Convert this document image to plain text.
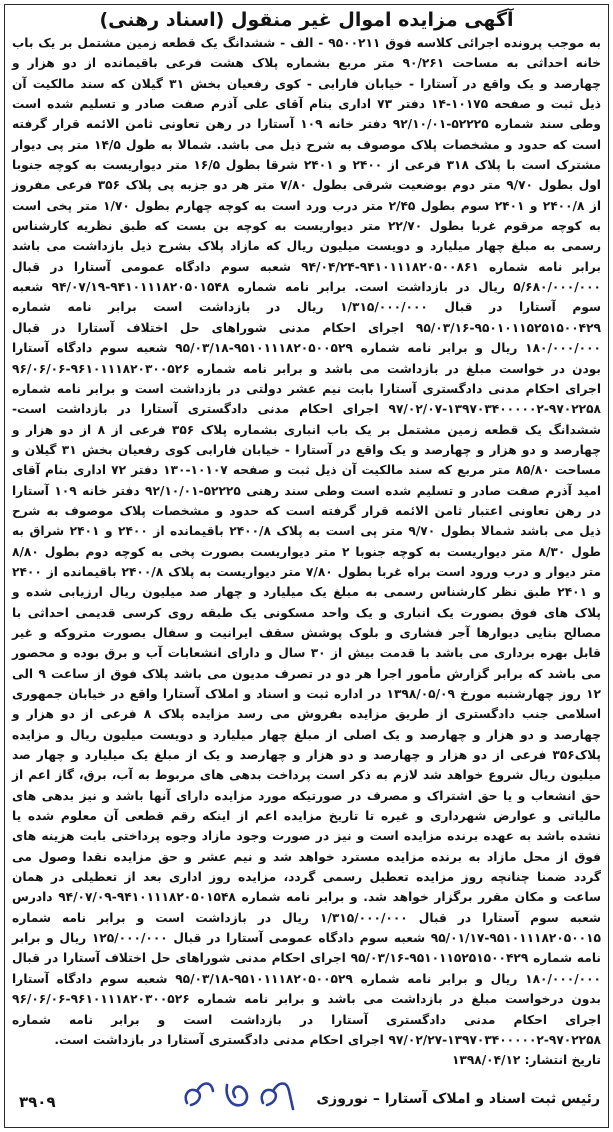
آگهی مزایده اموال غیر منقول (اسناد رهنی)
به موجب پرونده اجرائی کلاسه فوق ۹۵۰۰۲۱۱ - الف - ششدانگ یک قطعه زمین مشتمل بر یک باب خانه احداثی به مساحت ۹۰/۲۶۱ متر مربع بشماره پلاک هشت فرعی باقیمانده از دو هزار و چهارصد و یک واقع در آستارا - خیابان فارابی - کوی رفعیان بخش ۳۱ گیلان که سند مالکیت آن ذیل ثبت و صفحه ۱۰۱۷۵-۱۴ دفتر ۷۳ اداری بنام آقای علی آذرم صفت صادر و تسلیم شده است وطی سند شماره ۵۲۲۲۵-۹۲/۱۰/۰۱ دفتر خانه ۱۰۹ آستارا در رهن تعاونی ثامن الائمه قرار گرفته است که حدود و مشخصات پلاک موصوف به شرح ذیل می باشد. شمالا به طول ۱۴/۵ متر پی دیوار مشترک است با پلاک ۳۱۸ فرعی از ۲۴۰۰ و ۲۴۰۱ شرقا بطول ۱۶/۵ متر دیواریست به کوچه جنوبا اول بطول ۹/۷۰ متر دوم بوضعیت شرقی بطول ۷/۸۰ متر هر دو جزبه پی پلاک ۳۵۶ فرعی مفروز از ۲۴۰۰/۸ و ۲۴۰۱ سوم بطول ۲/۴۵ متر درب ورد است به کوچه چهارم بطول ۱/۷۰ متر پخی است به کوچه مرقوم غربا بطول ۲۲/۷۰ متر دیواریست به کوچه بن بست که طبق نظریه کارشناس رسمی به مبلغ چهار میلیارد و دویست میلیون ریال که مازاد پلاک بشرح ذیل بازداشت می باشد برابر نامه شماره ۹۴۱۰۱۱۱۸۲۰۵۰۰۸۶۱-۹۴/۰۴/۲۴ شعبه سوم دادگاه عمومی آستارا در قبال ۵/۶۸۰/۰۰۰/۰۰۰ ریال در بازداشت است. برابر نامه شماره ۹۴۱۰۱۱۱۸۲۰۵۰۱۵۴۸-۹۴/۰۷/۱۹ شعبه سوم آستارا در قبال ۱/۳۱۵/۰۰۰/۰۰۰ ریال در بازداشت است برابر نامه شماره ۹۵۰۱۰۱۱۵۲۵۱۵۰۰۴۲۹-۹۵/۰۳/۱۶ اجرای احکام مدنی شوراهای حل اختلاف آستارا در قبال ۱۸۰/۰۰۰/۰۰۰ ریال و برابر نامه شماره ۹۵۱۰۱۱۱۸۲۰۵۰۰۵۲۹-۹۵/۰۳/۱۸ شعبه سوم دادگاه آستارا بودن در خواست مبلغ در بازداشت می باشد و برابر نامه شماره ۹۶۱۰۱۱۱۸۲۰۳۰۰۵۲۶-۹۶/۰۶/۰۶ اجرای احکام مدنی دادگستری آستارا بابت نیم عشر دولتی در بازداشت است و برابر نامه شماره ۹۷۰۲۲۵۸-۱۳۹۷۰۳۴۰۰۰۰۰۲-۹۷/۰۲/۰۷ اجرای احکام مدنی دادگستری آستارا در بازداشت است- ششدانگ یک قطعه زمین مشتمل بر یک باب انباری بشماره پلاک ۳۵۶ فرعی از ۸ از دو هزار و چهارصد و دو هزار و چهارصد و یک واقع در آستارا - خیابان فارابی کوی رفعیان بخش ۳۱ گیلان و مساحت ۸۵/۸۰ متر مربع که سند مالکیت آن ذیل ثبت و صفحه ۱۰۱۰۷-۱۳۰ دفتر ۷۲ اداری بنام آقای امید آذرم صفت صادر و تسلیم شده است وطی سند رهنی ۵۲۲۲۵-۹۲/۱۰/۰۱ دفتر خانه ۱۰۹ آستارا در رهن تعاونی اعتبار ثامن الائمه قرار گرفته است که حدود و مشخصات پلاک موصوف به شرح ذیل می باشد شمالا بطول ۹/۷۰ متر پی است به پلاک ۲۴۰۰/۸ باقیمانده از ۲۴۰۰ و ۲۴۰۱ شراق به طول ۸/۳۰ متر دیواریست به کوچه جنوبا ۲ متر دیواریست بصورت پخی به کوچه دوم بطول ۸/۸۰ متر دیوار و درب ورود است براه غربا بطول ۷/۸۰ متر دیواریست به پلاک ۲۴۰۰/۸ باقیمانده از ۲۴۰۰ و ۲۴۰۱ طبق نظر کارشناس رسمی به مبلغ یک میلیارد و چهار صد میلیون ریال ارزیابی شده و پلاک های فوق بصورت یک انباری و یک واحد مسکونی یک طبقه روی کرسی قدیمی احداثی با مصالح بنایی دیوارها آجر فشاری و بلوک پوشش سقف ایرانیت و سفال بصورت متروکه و غیر قابل بهره برداری می باشد با قدمت بیش از ۳۰ سال و دارای انشعابات آب و برق بوده و محصور می باشد که برابر گزارش مأمور اجرا هر دو در تصرف مدیون می باشد پلاک فوق از ساعت ۹ الی ۱۲ روز چهارشنبه مورخ ۱۳۹۸/۰۵/۰۹ در اداره ثبت و اسناد و املاک آستارا واقع در خیابان جمهوری اسلامی جنب دادگستری از طریق مزایده بفروش می رسد مزایده پلاک ۸ فرعی از دو هزار و چهارصد و دو هزار و چهارصد و یک اصلی از مبلغ چهار میلیارد و دویست میلیون ریال و مزایده پلاک۳۵۶ فرعی از دو هزار و چهارصد و دو هزار و چهارصد و یک از مبلغ یک میلیارد و چهار صد میلیون ریال شروع خواهد شد لازم به ذکر است پرداخت بدهی های مربوط به آب، برق، گاز اعم از حق انشعاب و یا حق اشتراک و مصرف در صورتیکه مورد مزایده دارای آنها باشد و نیز بدهی های مالیاتی و عوارض شهرداری و غیره تا تاریخ مزایده اعم از اینکه رقم قطعی آن معلوم شده یا نشده باشد به عهده برنده مزایده است و نیز در صورت وجود مازاد وجوه پرداختی بابت هزینه های فوق از محل مازاد به برنده مزایده مسترد خواهد شد و نیم عشر و حق مزایده نقدا وصول می گردد ضمنا چنانچه روز مزایده تعطیل رسمی گردد، مزایده روز اداری بعد از تعطیلی در همان ساعت و مکان مقرر برگزار خواهد شد. و برابر نامه شماره ۹۴۱۰۱۱۱۸۲۰۵۰۱۵۴۸-۹۴/۰۷/۰۹ دادرس شعبه سوم آستارا در قبال ۱/۳۱۵/۰۰۰/۰۰۰ ریال در بازداشت است و برابر نامه شماره ۹۵۱۰۱۱۱۸۲۰۵۰۰۱۵-۹۵/۰۱/۱۷ شعبه سوم دادگاه عمومی آستارا در قبال ۱۲۵/۰۰۰/۰۰۰ ریال و برابر نامه شماره ۹۵۱۰۱۱۵۲۵۱۵۰۰۴۲۹-۹۵/۰۳/۱۶ اجرای احکام مدنی شوراهای حل اختلاف آستارا در قبال ۱۸۰/۰۰۰/۰۰۰ ریال و برابر نامه شماره ۹۵۱۰۱۱۱۸۲۰۵۰۰۵۲۹-۹۵/۰۳/۱۸ شعبه سوم دادگاه آستارا بدون درخواست مبلغ در بازداشت می باشد و برابر نامه شماره ۹۶۱۰۱۱۱۸۲۰۳۰۰۵۲۶-۹۶/۰۶/۰۶ اجرای احکام مدنی دادگستری آستارا در بازداشت است و برابر نامه شماره ۹۷۰۲۲۵۸-۱۳۹۷۰۳۴۰۰۰۰۰۲-۹۷/۰۲/۲۷ اجرای احکام مدنی دادگستری آستارا در بازداشت است.
تاریخ انتشار: ۱۳۹۸/۰۴/۱۲
رئیس ثبت اسناد و املاک آستارا – نوروزی
۳۹۰۹
